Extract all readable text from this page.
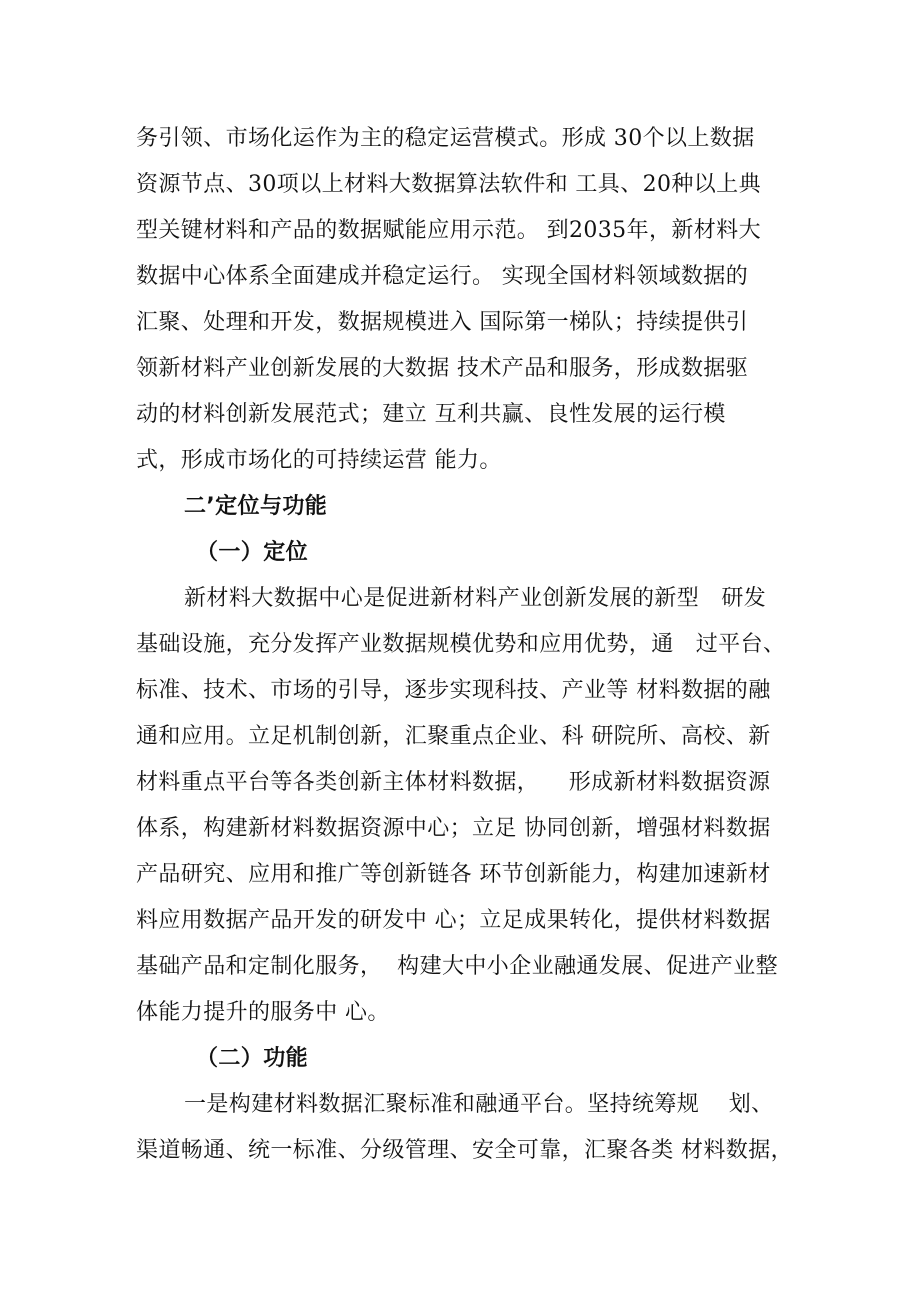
务引领、市场化运作为主的稳定运营模式。形成 30个以上数据
资源节点、30项以上材料大数据算法软件和 工具、20种以上典
型关键材料和产品的数据赋能应用示范。 到2035年，新材料大
数据中心体系全面建成并稳定运行。 实现全国材料领域数据的
汇聚、处理和开发，数据规模进入 国际第一梯队；持续提供引
领新材料产业创新发展的大数据 技术产品和服务，形成数据驱
动的材料创新发展范式；建立 互利共赢、良性发展的运行模
式，形成市场化的可持续运营 能力。
二’定位与功能
（一）定位
新材料大数据中心是促进新材料产业创新发展的新型   研发
基础设施，充分发挥产业数据规模优势和应用优势，通   过平台、
标准、技术、市场的引导，逐步实现科技、产业等 材料数据的融
通和应用。立足机制创新，汇聚重点企业、科 研院所、高校、新
材料重点平台等各类创新主体材料数据，    形成新材料数据资源
体系，构建新材料数据资源中心；立足 协同创新，增强材料数据
产品研究、应用和推广等创新链各 环节创新能力，构建加速新材
料应用数据产品开发的研发中 心；立足成果转化，提供材料数据
基础产品和定制化服务，  构建大中小企业融通发展、促进产业整
体能力提升的服务中 心。
（二）功能
一是构建材料数据汇聚标准和融通平台。坚持统筹规    划、
渠道畅通、统一标准、分级管理、安全可靠，汇聚各类 材料数据，
